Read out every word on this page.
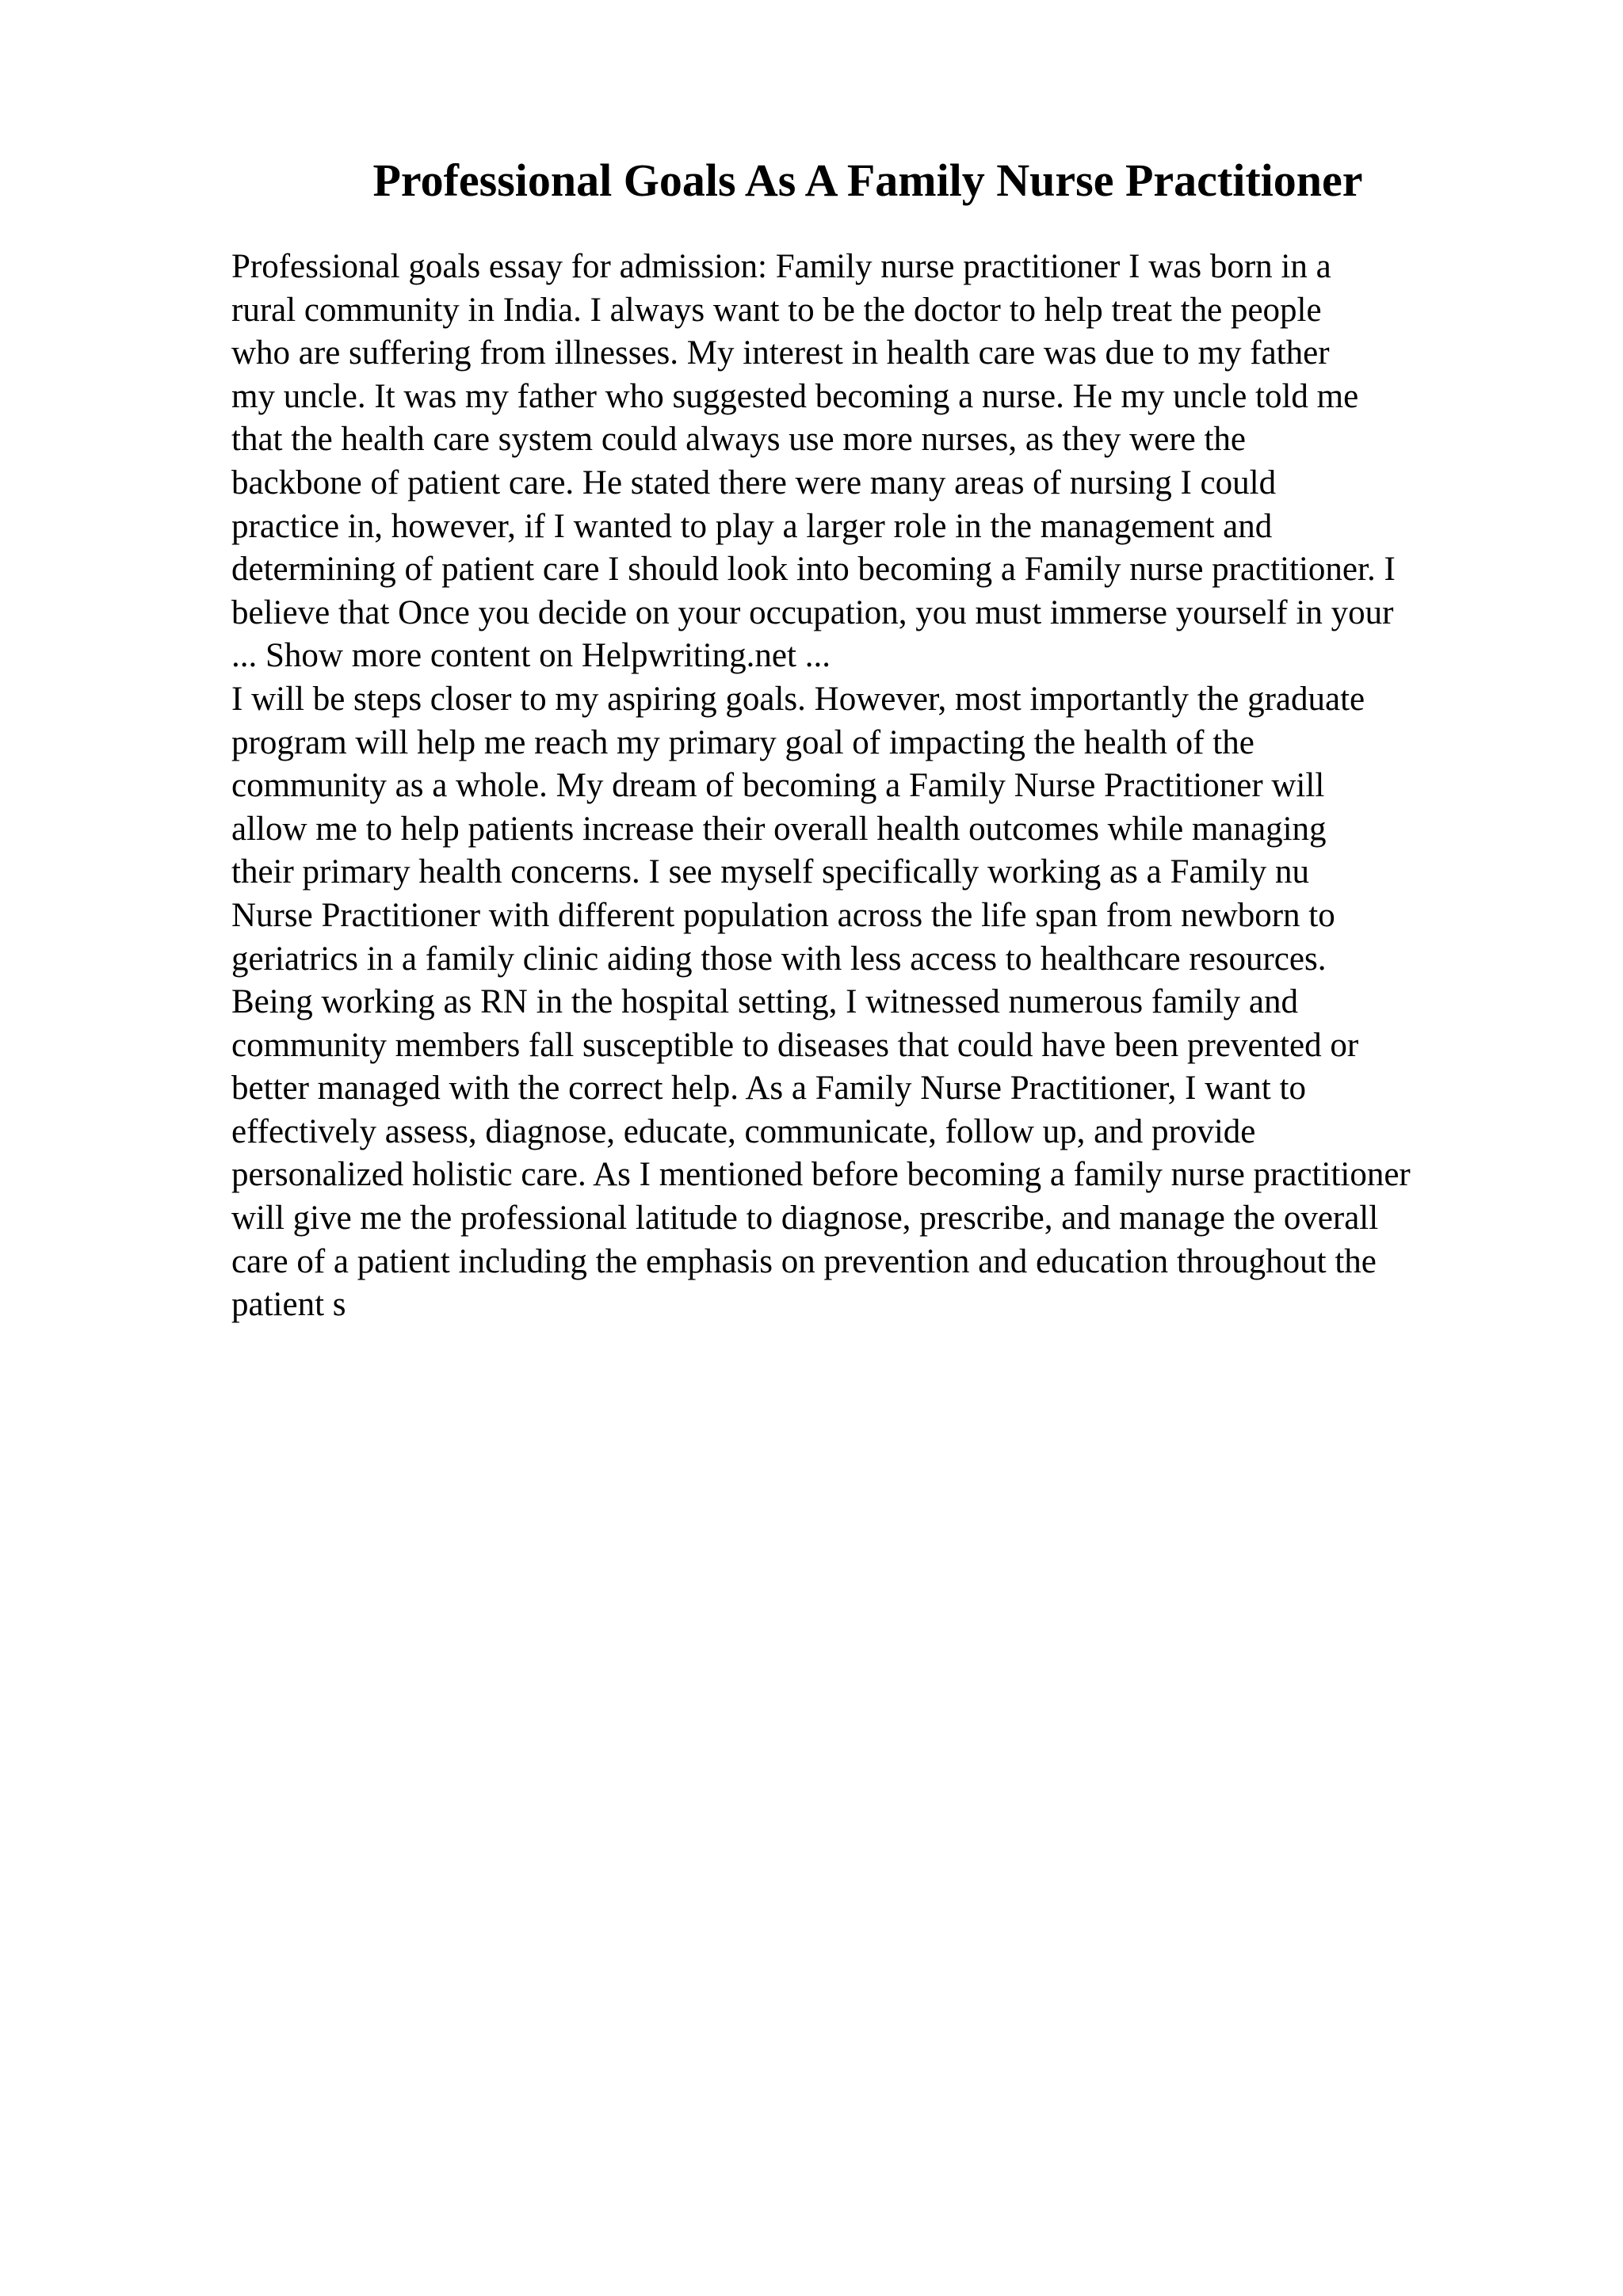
Professional Goals As A Family Nurse Practitioner
Professional goals essay for admission: Family nurse practitioner I was born in a
rural community in India. I always want to be the doctor to help treat the people
who are suffering from illnesses. My interest in health care was due to my father
my uncle. It was my father who suggested becoming a nurse. He my uncle told me
that the health care system could always use more nurses, as they were the
backbone of patient care. He stated there were many areas of nursing I could
practice in, however, if I wanted to play a larger role in the management and
determining of patient care I should look into becoming a Family nurse practitioner. I
believe that Once you decide on your occupation, you must immerse yourself in your
... Show more content on Helpwriting.net ...
I will be steps closer to my aspiring goals. However, most importantly the graduate
program will help me reach my primary goal of impacting the health of the
community as a whole. My dream of becoming a Family Nurse Practitioner will
allow me to help patients increase their overall health outcomes while managing
their primary health concerns. I see myself specifically working as a Family nu
Nurse Practitioner with different population across the life span from newborn to
geriatrics in a family clinic aiding those with less access to healthcare resources.
Being working as RN in the hospital setting, I witnessed numerous family and
community members fall susceptible to diseases that could have been prevented or
better managed with the correct help. As a Family Nurse Practitioner, I want to
effectively assess, diagnose, educate, communicate, follow up, and provide
personalized holistic care. As I mentioned before becoming a family nurse practitioner
will give me the professional latitude to diagnose, prescribe, and manage the overall
care of a patient including the emphasis on prevention and education throughout the
patient s
